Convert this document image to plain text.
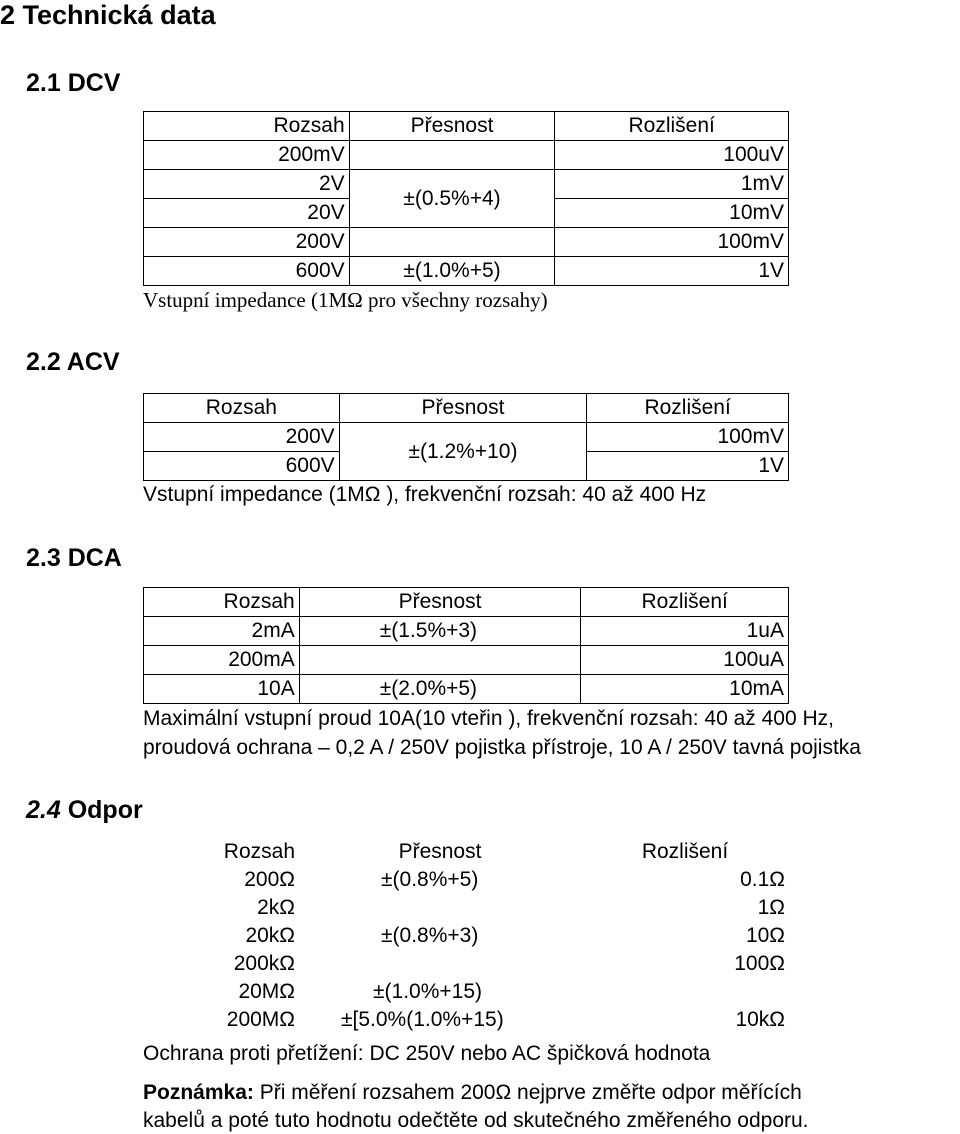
2 Technická data
2.1 DCV
Rozsah	Přesnost	Rozlišení
200mV		100uV
2V	±(0.5%+4)	1mV
20V		10mV
200V		100mV
600V	±(1.0%+5)	1V
Vstupní impedance (1MΩ pro všechny rozsahy)
2.2 ACV
Rozsah	Přesnost	Rozlišení
200V	±(1.2%+10)	100mV
600V		1V
Vstupní impedance (1MΩ ), frekvenční rozsah: 40 až 400 Hz
2.3 DCA
Rozsah	Přesnost	Rozlišení
2mA	±(1.5%+3)	1uA
200mA		100uA
10A	±(2.0%+5)	10mA
Maximální vstupní proud 10A(10 vteřin ), frekvenční rozsah: 40 až 400 Hz,
proudová ochrana – 0,2 A / 250V pojistka přístroje, 10 A / 250V tavná pojistka
2.4 Odpor
Rozsah	Přesnost	Rozlišení
200Ω	±(0.8%+5)	0.1Ω
2kΩ		1Ω
20kΩ	±(0.8%+3)	10Ω
200kΩ		100Ω
20MΩ	±(1.0%+15)	
200MΩ	±[5.0%(1.0%+15)	10kΩ
Ochrana proti přetížení: DC 250V nebo AC špičková hodnota
Poznámka: Při měření rozsahem 200Ω nejprve změřte odpor měřících
kabelů a poté tuto hodnotu odečtěte od skutečného změřeného odporu.
